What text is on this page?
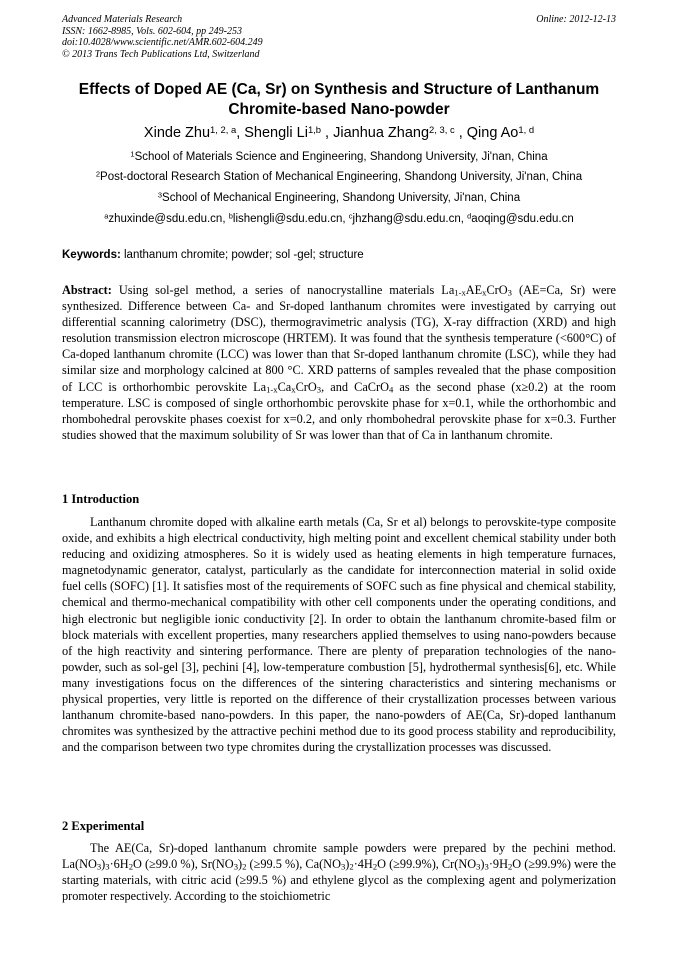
Advanced Materials Research
ISSN: 1662-8985, Vols. 602-604, pp 249-253
doi:10.4028/www.scientific.net/AMR.602-604.249
© 2013 Trans Tech Publications Ltd, Switzerland
Online: 2012-12-13
Effects of Doped AE (Ca, Sr) on Synthesis and Structure of Lanthanum
Chromite-based Nano-powder
Xinde Zhu$^{1, 2, a}$, Shengli Li$^{1,b}$ , Jianhua Zhang$^{2, 3, c}$ , Qing Ao$^{1, d}$
$^1$School of Materials Science and Engineering, Shandong University, Ji'nan, China
$^2$Post-doctoral Research Station of Mechanical Engineering, Shandong University, Ji'nan, China
$^3$School of Mechanical Engineering, Shandong University, Ji'nan, China
$^a$zhuxinde@sdu.edu.cn, $^b$lishengli@sdu.edu.cn, $^c$jhzhang@sdu.edu.cn, $^d$aoqing@sdu.edu.cn
Keywords: lanthanum chromite; powder; sol -gel; structure

Abstract: Using sol-gel method, a series of nanocrystalline materials $La_{1-x}AE_xCrO_3$ (AE=Ca, Sr) were synthesized. Difference between Ca- and Sr-doped lanthanum chromites were investigated by carrying out differential scanning calorimetry (DSC), thermogravimetric analysis (TG), X-ray diffraction (XRD) and high resolution transmission electron microscope (HRTEM). It was found that the synthesis temperature (<600°C) of Ca-doped lanthanum chromite (LCC) was lower than that Sr-doped lanthanum chromite (LSC), while they had similar size and morphology calcined at 800 °C. XRD patterns of samples revealed that the phase composition of LCC is orthorhombic perovskite $La_{1-x}Ca_xCrO_3$, and CaCrO$_4$ as the second phase (x≥0.2) at the room temperature. LSC is composed of single orthorhombic perovskite phase for x=0.1, while the orthorhombic and rhombohedral perovskite phases coexist for x=0.2, and only rhombohedral perovskite phase for x=0.3. Further studies showed that the maximum solubility of Sr was lower than that of Ca in lanthanum chromite.

1 Introduction

Lanthanum chromite doped with alkaline earth metals (Ca, Sr et al) belongs to perovskite-type composite oxide, and exhibits a high electrical conductivity, high melting point and excellent chemical stability under both reducing and oxidizing atmospheres. So it is widely used as heating elements in high temperature furnaces, magnetodynamic generator, catalyst, particularly as the candidate for interconnection material in solid oxide fuel cells (SOFC) [1]. It satisfies most of the requirements of SOFC such as fine physical and chemical stability, chemical and thermo-mechanical compatibility with other cell components under the operating conditions, and high electronic but negligible ionic conductivity [2]. In order to obtain the lanthanum chromite-based film or block materials with excellent properties, many researchers applied themselves to using nano-powders because of the high reactivity and sintering performance. There are plenty of preparation technologies of the nano-powder, such as sol-gel [3], pechini [4], low-temperature combustion [5], hydrothermal synthesis[6], etc. While many investigations focus on the differences of the sintering characteristics and sintering mechanisms or physical properties, very little is reported on the difference of their crystallization processes between various lanthanum chromite-based nano-powders. In this paper, the nano-powders of AE(Ca, Sr)-doped lanthanum chromites was synthesized by the attractive pechini method due to its good process stability and reproducibility, and the comparison between two type chromites during the crystallization processes was discussed.

2 Experimental

The AE(Ca, Sr)-doped lanthanum chromite sample powders were prepared by the pechini method. $La(NO_3)_3\cdot 6H_2O$ (≥99.0 %), $Sr(NO_3)_2$ (≥99.5 %), $Ca(NO_3)_2\cdot 4H_2O$ (≥99.9%), $Cr(NO_3)_3\cdot 9H_2O$ (≥99.9%) were the starting materials, with citric acid (≥99.5 %) and ethylene glycol as the complexing agent and polymerization promoter respectively. According to the stoichiometric
